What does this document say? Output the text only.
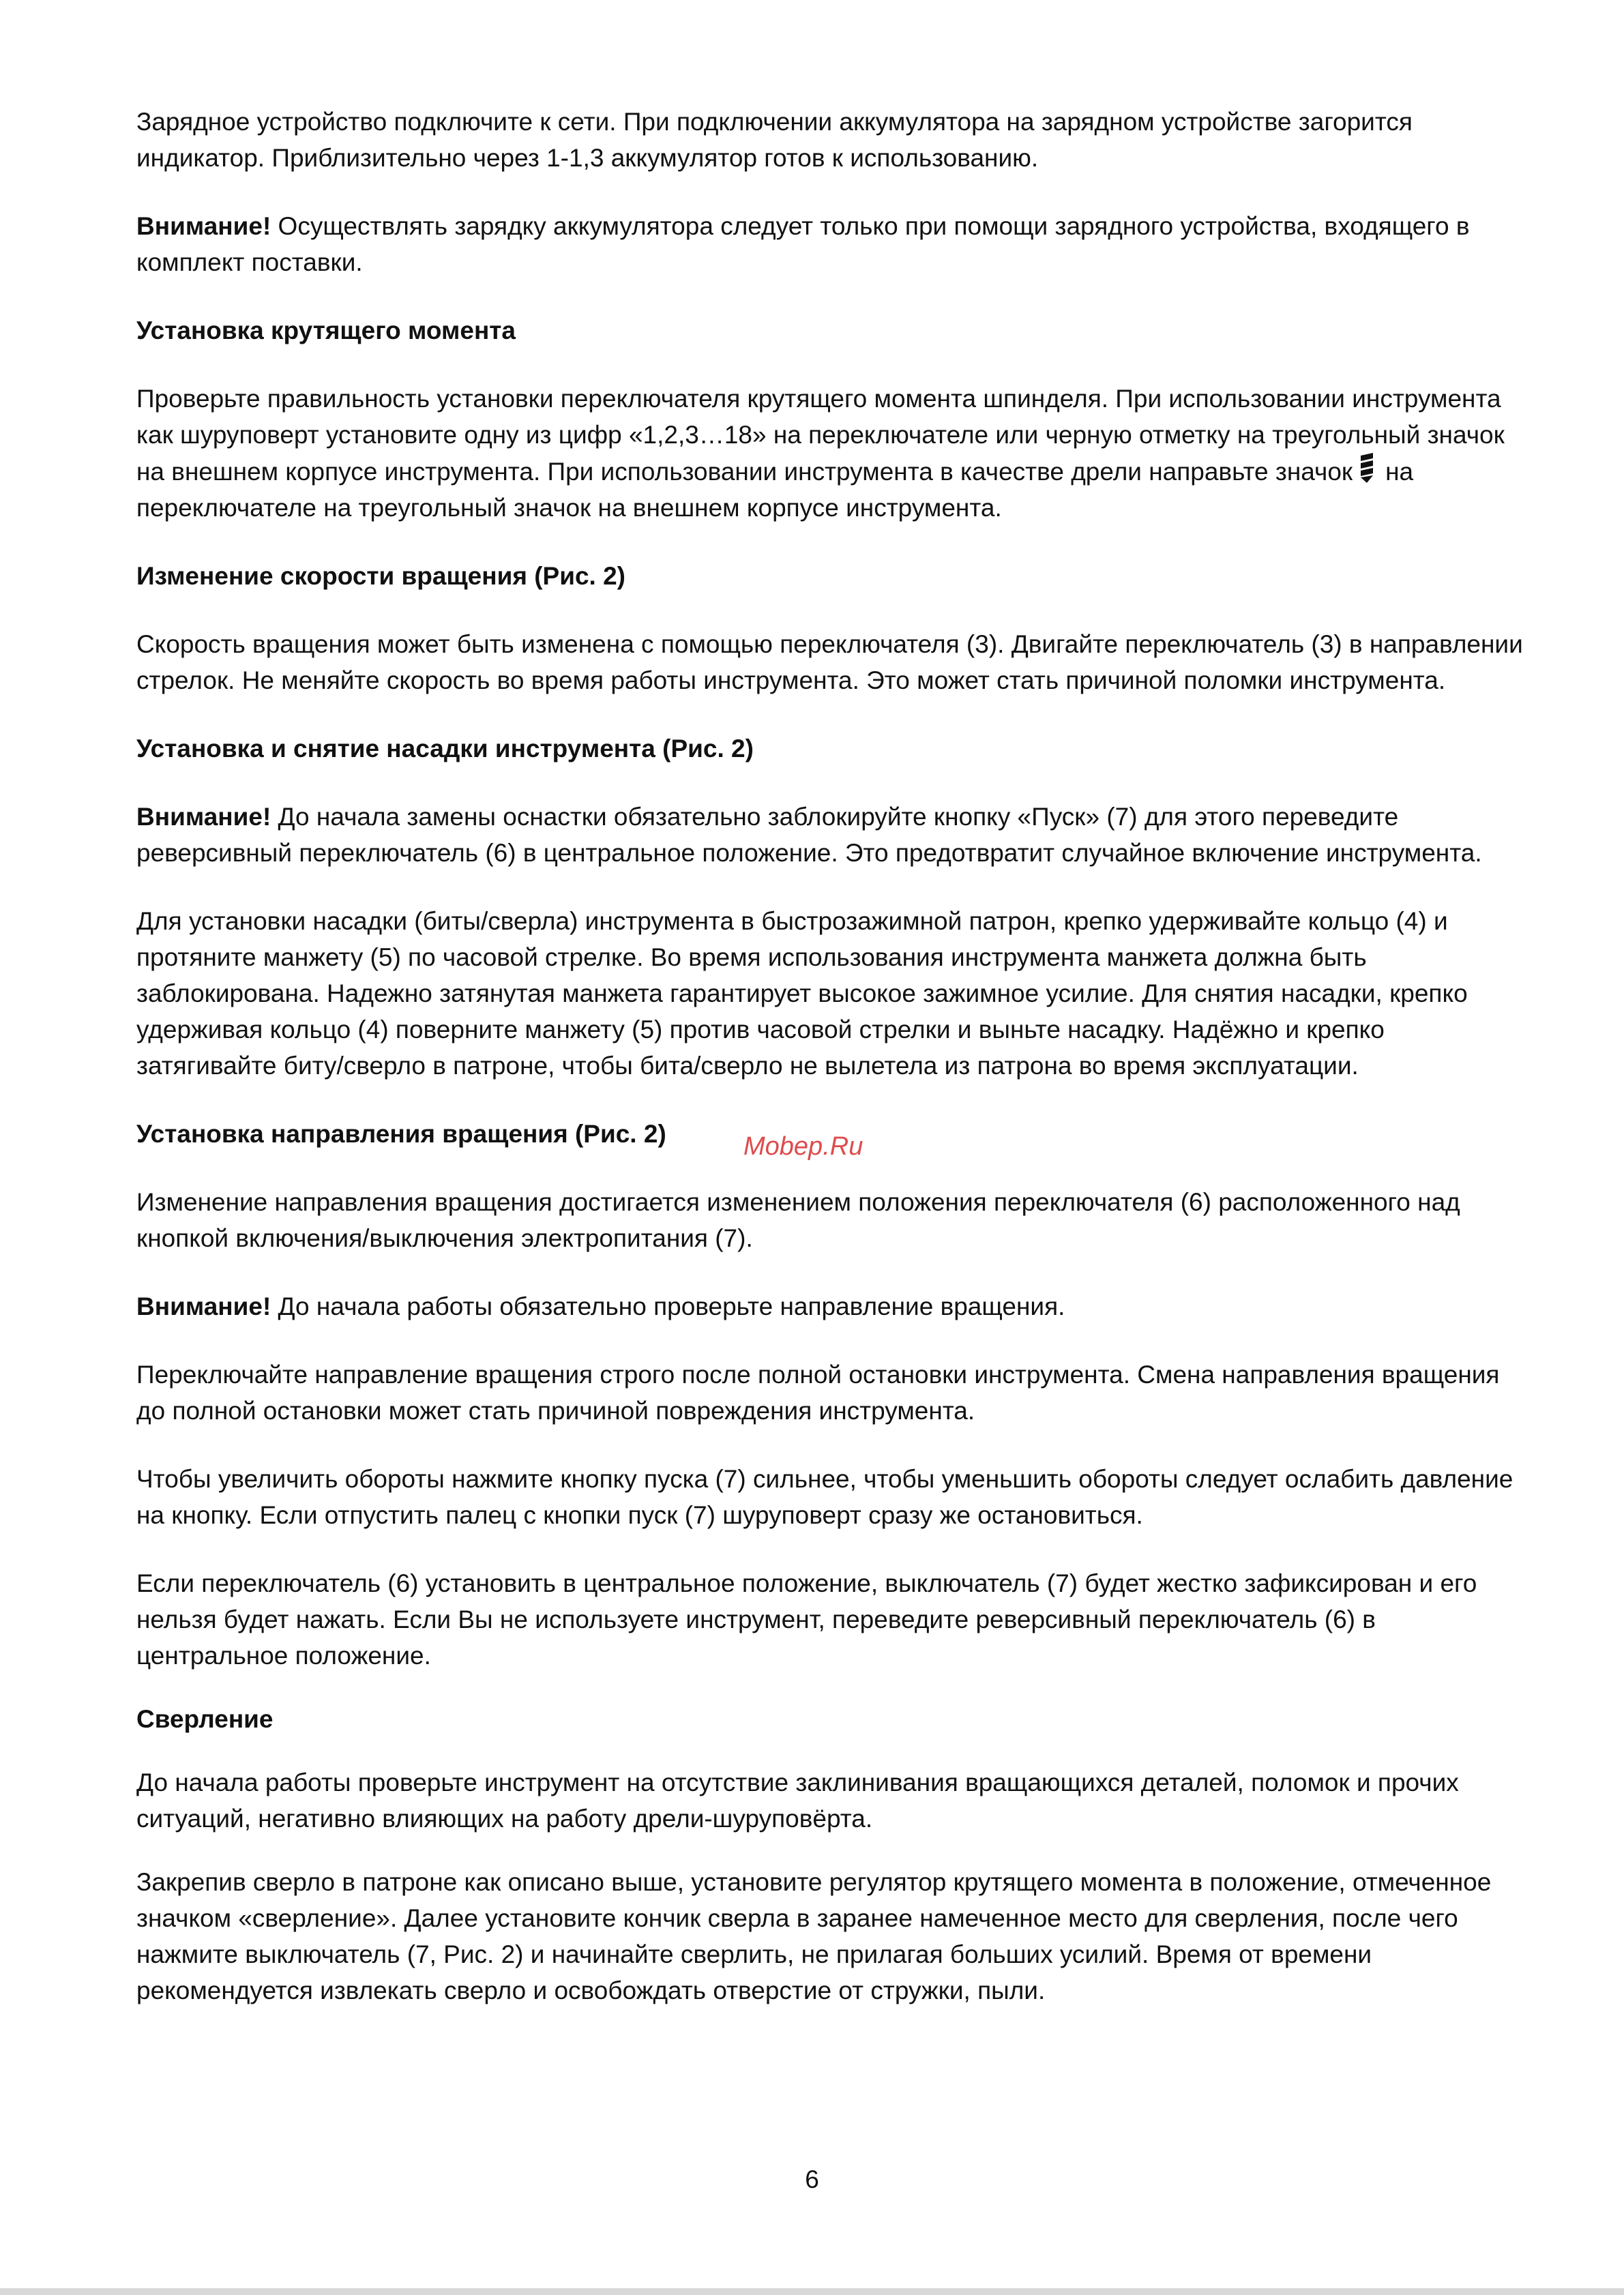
Зарядное устройство подключите к сети. При подключении аккумулятора на зарядном устройстве загорится индикатор. Приблизительно через 1-1,3 аккумулятор готов к использованию.

Внимание! Осуществлять зарядку аккумулятора следует только при помощи зарядного устройства, входящего в комплект поставки.

Установка крутящего момента

Проверьте правильность установки переключателя крутящего момента шпинделя. При использовании инструмента как шуруповерт установите одну из цифр «1,2,3…18» на переключателе или черную отметку на треугольный значок на внешнем корпусе инструмента. При использовании инструмента в качестве дрели направьте значок на переключателе на треугольный значок на внешнем корпусе инструмента.

Изменение скорости вращения (Рис. 2)

Скорость вращения может быть изменена с помощью переключателя (3). Двигайте переключатель (3) в направлении стрелок. Не меняйте скорость во время работы инструмента. Это может стать причиной поломки инструмента.

Установка и снятие насадки инструмента (Рис. 2)

Внимание! До начала замены оснастки обязательно заблокируйте кнопку «Пуск» (7) для этого переведите реверсивный переключатель (6) в центральное положение. Это предотвратит случайное включение инструмента.

Для установки насадки (биты/сверла) инструмента в быстрозажимной патрон, крепко удерживайте кольцо (4) и протяните манжету (5) по часовой стрелке. Во время использования инструмента манжета должна быть заблокирована. Надежно затянутая манжета гарантирует высокое зажимное усилие. Для снятия насадки, крепко удерживая кольцо (4) поверните манжету (5) против часовой стрелки и выньте насадку. Надёжно и крепко затягивайте биту/сверло в патроне, чтобы бита/сверло не вылетела из патрона во время эксплуатации.

Установка направления вращения (Рис. 2)

Изменение направления вращения достигается изменением положения переключателя (6) расположенного над кнопкой включения/выключения электропитания (7).

Внимание! До начала работы обязательно проверьте направление вращения.

Переключайте направление вращения строго после полной остановки инструмента. Смена направления вращения до полной остановки может стать причиной повреждения инструмента.

Чтобы увеличить обороты нажмите кнопку пуска (7) сильнее, чтобы уменьшить обороты следует ослабить давление на кнопку. Если отпустить палец с кнопки пуск (7) шуруповерт сразу же остановиться.

Если переключатель (6) установить в центральное положение, выключатель (7) будет жестко зафиксирован и его нельзя будет нажать. Если Вы не используете инструмент, переведите реверсивный переключатель (6) в центральное положение.

Сверление

До начала работы проверьте инструмент на отсутствие заклинивания вращающихся деталей, поломок и прочих ситуаций, негативно влияющих на работу дрели-шуруповёрта.

Закрепив сверло в патроне как описано выше, установите регулятор крутящего момента в положение, отмеченное значком «сверление». Далее установите кончик сверла в заранее намеченное место для сверления, после чего нажмите выключатель (7, Рис. 2) и начинайте сверлить, не прилагая больших усилий. Время от времени рекомендуется извлекать сверло и освобождать отверстие от стружки, пыли.

Mobep.Ru
6
